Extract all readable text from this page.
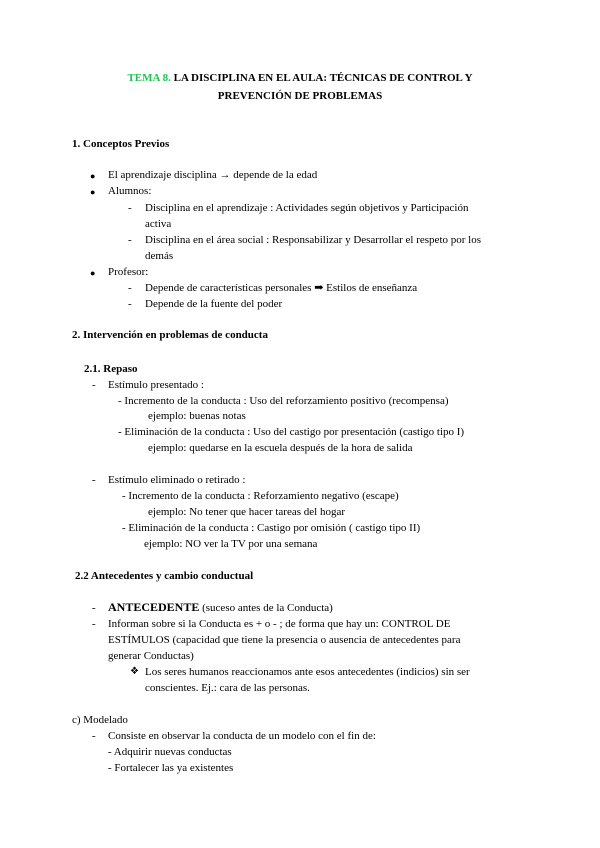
TEMA 8. LA DISCIPLINA EN EL AULA: TÉCNICAS DE CONTROL Y
PREVENCIÓN DE PROBLEMAS
1. Conceptos Previos
● El aprendizaje disciplina → depende de la edad
● Alumnos:
- Disciplina en el aprendizaje : Actividades según objetivos y Participación
activa
- Disciplina en el área social : Responsabilizar y Desarrollar el respeto por los
demás
● Profesor:
- Depende de características personales ➡ Estilos de enseñanza
- Depende de la fuente del poder
2. Intervención en problemas de conducta
2.1. Repaso
- Estímulo presentado :
- Incremento de la conducta : Uso del reforzamiento positivo (recompensa)
ejemplo: buenas notas
- Eliminación de la conducta : Uso del castigo por presentación (castigo tipo I)
ejemplo: quedarse en la escuela después de la hora de salida
- Estímulo eliminado o retirado :
- Incremento de la conducta : Reforzamiento negativo (escape)
ejemplo: No tener que hacer tareas del hogar
- Eliminación de la conducta : Castigo por omisión ( castigo tipo II)
ejemplo: NO ver la TV por una semana
2.2 Antecedentes y cambio conductual
- ANTECEDENTE (suceso antes de la Conducta)
- Informan sobre si la Conducta es + o - ; de forma que hay un: CONTROL DE
ESTÍMULOS (capacidad que tiene la presencia o ausencia de antecedentes para
generar Conductas)
❖ Los seres humanos reaccionamos ante esos antecedentes (indicios) sin ser
conscientes. Ej.: cara de las personas.
c) Modelado
- Consiste en observar la conducta de un modelo con el fin de:
- Adquirir nuevas conductas
- Fortalecer las ya existentes
